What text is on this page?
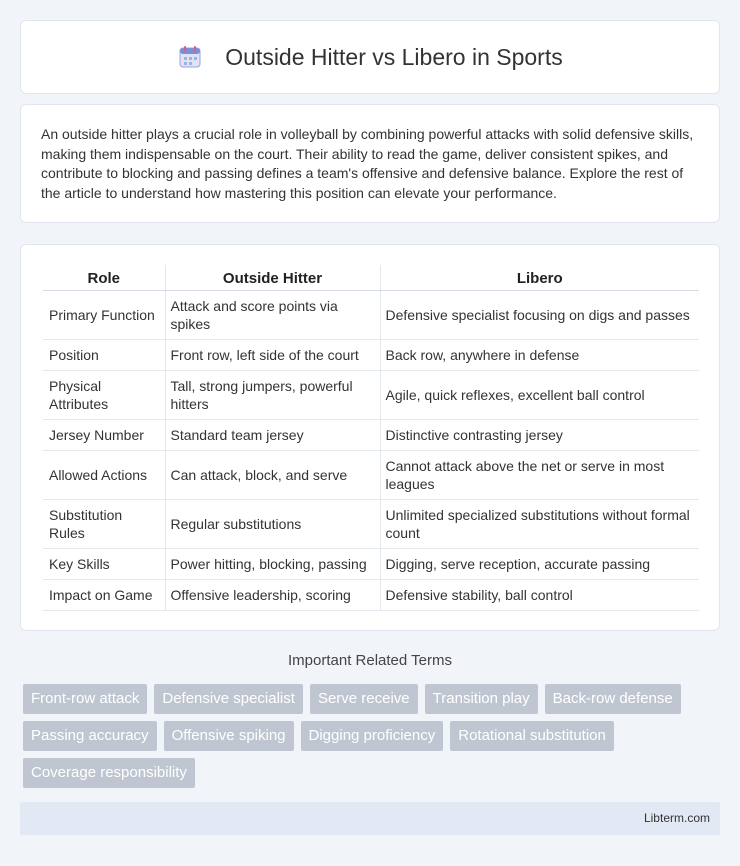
Outside Hitter vs Libero in Sports

An outside hitter plays a crucial role in volleyball by combining powerful attacks with solid defensive skills, making them indispensable on the court. Their ability to read the game, deliver consistent spikes, and contribute to blocking and passing defines a team's offensive and defensive balance. Explore the rest of the article to understand how mastering this position can elevate your performance.

Role	Outside Hitter	Libero
Primary Function	Attack and score points via spikes	Defensive specialist focusing on digs and passes
Position	Front row, left side of the court	Back row, anywhere in defense
Physical Attributes	Tall, strong jumpers, powerful hitters	Agile, quick reflexes, excellent ball control
Jersey Number	Standard team jersey	Distinctive contrasting jersey
Allowed Actions	Can attack, block, and serve	Cannot attack above the net or serve in most leagues
Substitution Rules	Regular substitutions	Unlimited specialized substitutions without formal count
Key Skills	Power hitting, blocking, passing	Digging, serve reception, accurate passing
Impact on Game	Offensive leadership, scoring	Defensive stability, ball control
Important Related Terms
Front-row attack	Defensive specialist	Serve receive	Transition play	Back-row defense
Passing accuracy	Offensive spiking	Digging proficiency	Rotational substitution
Coverage responsibility
Libterm.com
